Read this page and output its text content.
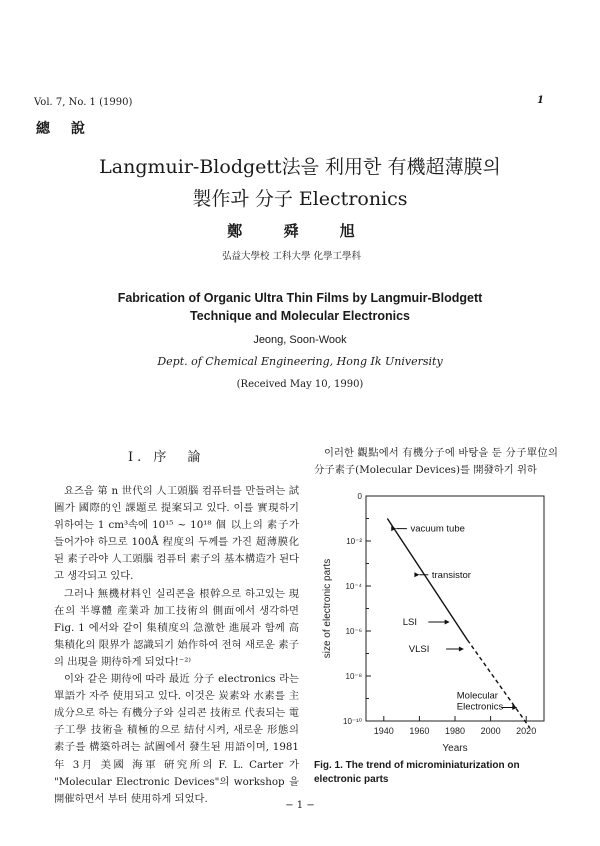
Vol. 7, No. 1 (1990)	1
總 說
Langmuir-Blodgett法을 利用한 有機超薄膜의
製作과 分子 Electronics
鄭 舜 旭
弘益大學校 工科大學 化學工學科
Fabrication of Organic Ultra Thin Films by Langmuir-Blodgett
Technique and Molecular Electronics
Jeong, Soon-Wook
Dept. of Chemical Engineering, Hong Ik University
(Received May 10, 1990)
I. 序　論

요즈음 第 n 世代의 人工頭腦 컴퓨터를 만들려는 試圖가 國際的인 課題로 提案되고 있다. 이를 實現하기 위하여는 1 cm³속에 10¹⁵ ~ 10¹⁸ 個 以上의 素子가 들어가야 하므로 100Å 程度의 두께를 가진 超薄膜化된 素子라야 人工頭腦 컴퓨터 素子의 基本構造가 된다고 생각되고 있다.

그러나 無機材料인 실리콘을 根幹으로 하고있는 現在의 半導體 産業과 加工技術의 側面에서 생각하면 Fig. 1 에서와 같이 集積度의 急激한 進展과 함께 高集積化의 限界가 認識되기 始作하여 전혀 새로운 素子의 出現을 期待하게 되었다!⁻²⁾

이와 같은 期待에 따라 最近 分子 electronics 라는 單語가 자주 使用되고 있다. 이것은 炭素와 水素를 主成分으로 하는 有機分子와 실리콘 技術로 代表되는 電子工學 技術을 積極的으로 結付시켜, 새로운 形態의 素子를 構築하려는 試圖에서 發生된 用語이며, 1981 年 3月 美國 海軍 硏究所의 F. L. Carter 가 "Molecular Electronic Devices"의 workshop 을 開催하면서 부터 使用하게 되었다.

이러한 觀點에서 有機分子에 바탕을 둔 分子單位의 分子素子(Molecular Devices)를 開發하기 위하

0
10⁻²
10⁻⁴
10⁻⁶
10⁻⁸
10⁻¹⁰
1940 1960 1980 2000 2020
Years
size of electronic parts
vacuum tube
transistor
LSI
VLSI
Molecular
Electronics
Fig. 1. The trend of microminiaturization on electronic parts
− 1 −
